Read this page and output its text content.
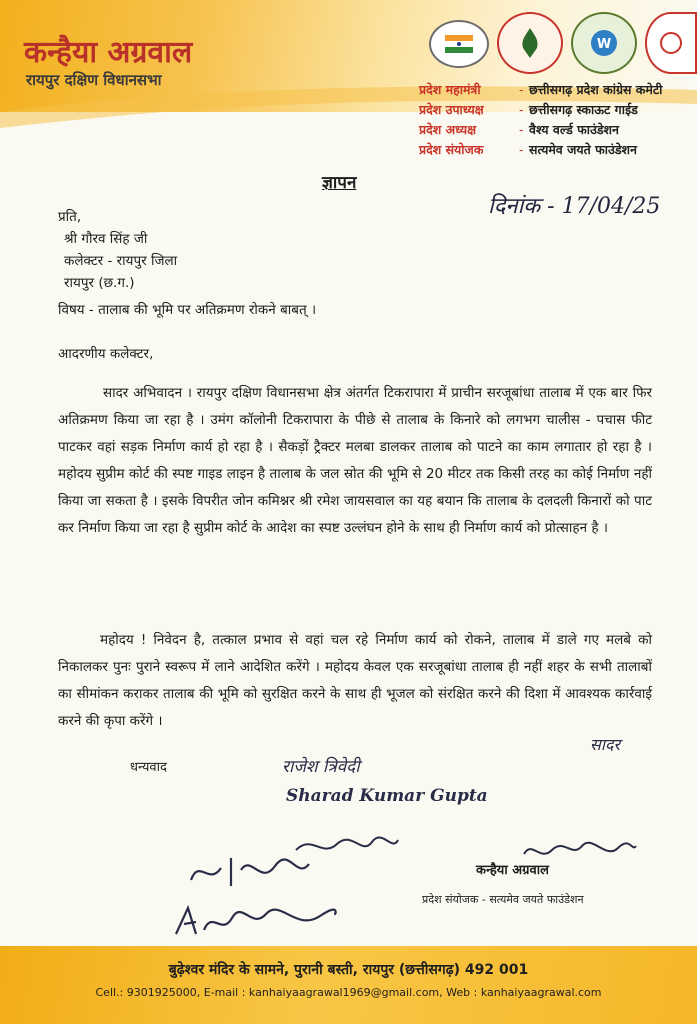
कन्हैया अग्रवाल
रायपुर दक्षिण विधानसभा
W
प्रदेश महामंत्री	- छत्तीसगढ़ प्रदेश कांग्रेस कमेटी
प्रदेश उपाध्यक्ष	- छत्तीसगढ़ स्काऊट गाईड
प्रदेश अध्यक्ष	- वैश्य वर्ल्ड फाउंडेशन
प्रदेश संयोजक	- सत्यमेव जयते फाउंडेशन
ज्ञापन
दिनांक - 17/04/25
प्रति,
श्री गौरव सिंह जी
कलेक्टर - रायपुर जिला
रायपुर (छ.ग.)
विषय - तालाब की भूमि पर अतिक्रमण रोकने बाबत् ।
आदरणीय कलेक्टर,
सादर अभिवादन । रायपुर दक्षिण विधानसभा क्षेत्र अंतर्गत टिकरापारा में प्राचीन सरजूबांधा तालाब में एक बार फिर अतिक्रमण किया जा रहा है । उमंग कॉलोनी टिकरापारा के पीछे से तालाब के किनारे को लगभग चालीस - पचास फीट पाटकर वहां सड़क निर्माण कार्य हो रहा है । सैकड़ों ट्रैक्टर मलबा डालकर तालाब को पाटने का काम लगातार हो रहा है । महोदय सुप्रीम कोर्ट की स्पष्ट गाइड लाइन है तालाब के जल स्रोत की भूमि से 20 मीटर तक किसी तरह का कोई निर्माण नहीं किया जा सकता है । इसके विपरीत जोन कमिश्नर श्री रमेश जायसवाल का यह बयान कि तालाब के दलदली किनारों को पाट कर निर्माण किया जा रहा है सुप्रीम कोर्ट के आदेश का स्पष्ट उल्लंघन होने के साथ ही निर्माण कार्य को प्रोत्साहन है ।
महोदय ! निवेदन है, तत्काल प्रभाव से वहां चल रहे निर्माण कार्य को रोकने, तालाब में डाले गए मलबे को निकालकर पुनः पुराने स्वरूप में लाने आदेशित करेंगे । महोदय केवल एक सरजूबांधा तालाब ही नहीं शहर के सभी तालाबों का सीमांकन कराकर तालाब की भूमि को सुरक्षित करने के साथ ही भूजल को संरक्षित करने की दिशा में आवश्यक कार्रवाई करने की कृपा करेंगे ।
धन्यवाद
सादर
राजेश त्रिवेदी
Sharad Kumar Gupta
कन्हैया अग्रवाल
प्रदेश संयोजक - सत्यमेव जयते फाउंडेशन
बुढ़ेश्वर मंदिर के सामने, पुरानी बस्ती, रायपुर (छत्तीसगढ़) 492 001
Cell.: 9301925000, E-mail : kanhaiyaagrawal1969@gmail.com, Web : kanhaiyaagrawal.com
